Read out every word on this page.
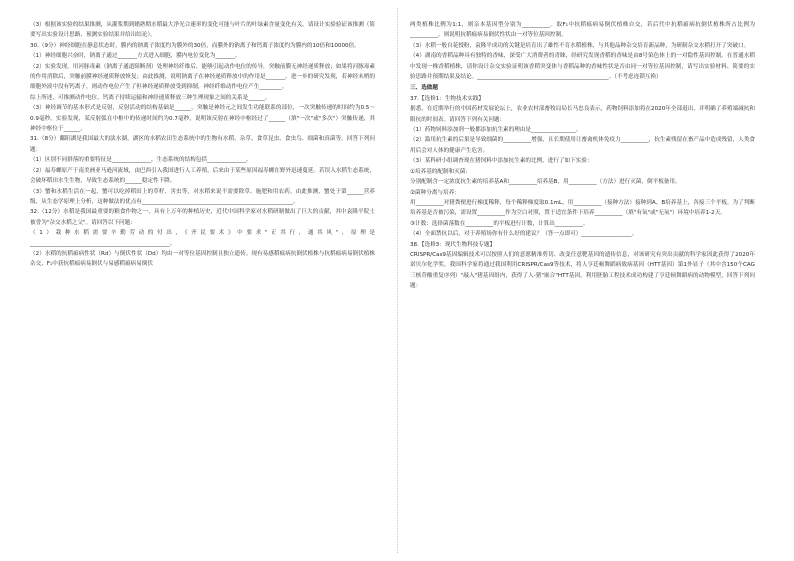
（3）根据该实验的结果推测，从灌浆期到蜡熟期水稻最大净光合速率的变化可能与叶片的叶绿素含量变化有关。请设计实验验证该推测（简要写出实验设计思路、预测实验结果并给出结论）。

30.（9分）神经细胞在静息状态时，膜内的钠离子浓度约为膜外的30倍，而膜外的钠离子和钙离子浓度约为膜内的10倍和10000倍。

（1）神经细胞兴奋时，钠离子通过_______方式进入细胞，膜内电位变化为_______。

（2）实验发现，用河豚毒素（钠离子通道阻断剂）处理神经纤维后，能够引起动作电位的传导，突触前膜无神经递质释放；如果将河豚毒素的作用消除后，突触前膜神经递质释放恢复；由此推测，说明钠离子在神经递质释放中的作用是_______。进一步的研究发现，若神经末梢的细胞外液中没有钙离子，则动作电位产生了但神经递质释放受到抑制，神经纤维动作电位产生________。

综上所述，可推测动作电位、钙离子持续运输和神经递质释放三种生理现象之间的关系是______。

（3）神经调节的基本形式是反射，反射活动的结构基础是______。突触是神经元之间发生功能联系的部位，一次突触传递的时间约为0.5～0.9毫秒。实验发现，某反射弧在中枢中的传递时间约为0.7毫秒，说明该反射在神经中枢经过了______（填"一次"或"多次"）突触传递，其神经中枢位于______。

31.（8分）鄱阳湖是我国最大的淡水湖，湖区的水稻农田生态系统中的生物有水稻、杂草、食草昆虫、食虫鸟、细菌和真菌等。回答下列问题：

（1）区别不同群落的重要特征是______________，生态系统的结构包括______________。

（2）福寿螺原产于南美洲亚马逊河流域，由巴西引入我国进行人工养殖，后来由于某些原因福寿螺在野外迅速蔓延。若误入水稻生态系统，会破坏稻田水生生物，导致生态系统的______稳定性下降。

（3）蟹和水稻生活在一起，蟹可以吃掉稻田上的草籽、害虫等，对水稻来说不需要除草、施肥和用农药。由此推测，蟹处于第______营养级，从生态学原理上分析，这种做法的优点有______________________________________________________。

32.（12分）水稻是我国最重要的粮食作物之一，具有上万年的种植历史，近代中国科学家对水稻研制做出了巨大的贡献，其中袁隆平院士被誉为"杂交水稻之父"。请回答以下问题：

（1）栽种水稻需要辛勤劳动的付出，《齐民要术》中要求"正其行，通其风"，原理是__________________________________________________。

（2）水稻的抗稻瘟病性状（Rd）与倒伏性状（Dd）均由一对等位基因控制且独立遗传。现有易感稻瘟病抗倒伏植株与抗稻瘟病易倒伏植株杂交，F₁中获抗稻瘟病易倒伏与易感稻瘟病易倒伏

两类植株比例为1:1，则亲本基因型分别为__________。取F₁中抗稻瘟病易倒伏植株自交，若后代中抗稻瘟病抗倒伏植株所占比例为__________，则说明抗稻瘟病易倒伏性状由一对等位基因控制。

（3）水稻一般自花授粉，袁隆平成功的关键是培育出了雄性不育水稻植株，与其他品种杂交培育新品种，为研制杂交水稻打开了突破口。

（4）湖南的香稻品种具有独特的香味，深受广大消费者的青睐，经研究发现香稻的香味是由8号染色体上的一对隐性基因控制。在普通水稻中发现一株香稻植株，请你设计杂交实验证明该香稻突变体与香稻品种的香味性状是否由同一对等位基因控制，请写出实验材料、简要的实验思路并预期结果及结论。_______________________________________________。（不考虑连锁互换）

三、选做题

37.【选修1：生物技术实践】

据悉，在近期举行的中国药材发展论坛上，农业农村部畜牧局局长马忠良表示，药物饲料添加将在2020年全部退出，并明确了养殖端减抗和限抗的时间表。请回答下列有关问题：

（1）药物饲料添加剂一般都添加抗生素的理由是________________。

（2）滥用抗生素的后果是导致细菌的__________增强，且长期使用让畜禽机体免疫力__________，抗生素残留在畜产品中造成残留，人类食用后会对人体的健康产生危害。

（3）某科研小组调查现在猪饲料中添加抗生素的比例，进行了如下实验：

①培养基的配制和灭菌：

分别配制含一定浓度抗生素的培养基A和__________培养基B，用__________（方法）进行灭菌，倒平板备用。

②菌种分离与培养：

用__________对猪粪便进行梯度稀释，每个稀释梯度取0.1mL，用__________（接种方法）接种到A、B培养基上，各接三个平板，为了判断培养基是否被污染，需设置__________作为空白对照，置于适宜条件下培养__________（填"有氧"或"无氧"）环境中培养1-2天。

③计数：选择菌落数在__________的平板进行计数，计算出__________。

（4）全面禁抗以后，对于养殖场你有什么好的建议？（答一点即可）__________________。

38.【选修3：现代生物科技专题】

CRISPR/Cas9基因编辑技术可以按照人们的意愿精准剪切、改变任意靶基因的遗传信息，对该研究有突出贡献的科学家因此获得了2020年诺贝尔化学奖。我国科学家将通过我国利用CRISPR/Cas9等技术，将人亨廷顿舞蹈病致病基因（HTT基因）第1外显子（其中含150个CAG三核苷酸重复序列）"敲入"猪基因组内，获得了人-猪"嵌合"HTT基因，利用胚胎工程技术成功构建了亨廷顿舞蹈病的动物模型，回答下列问题：
